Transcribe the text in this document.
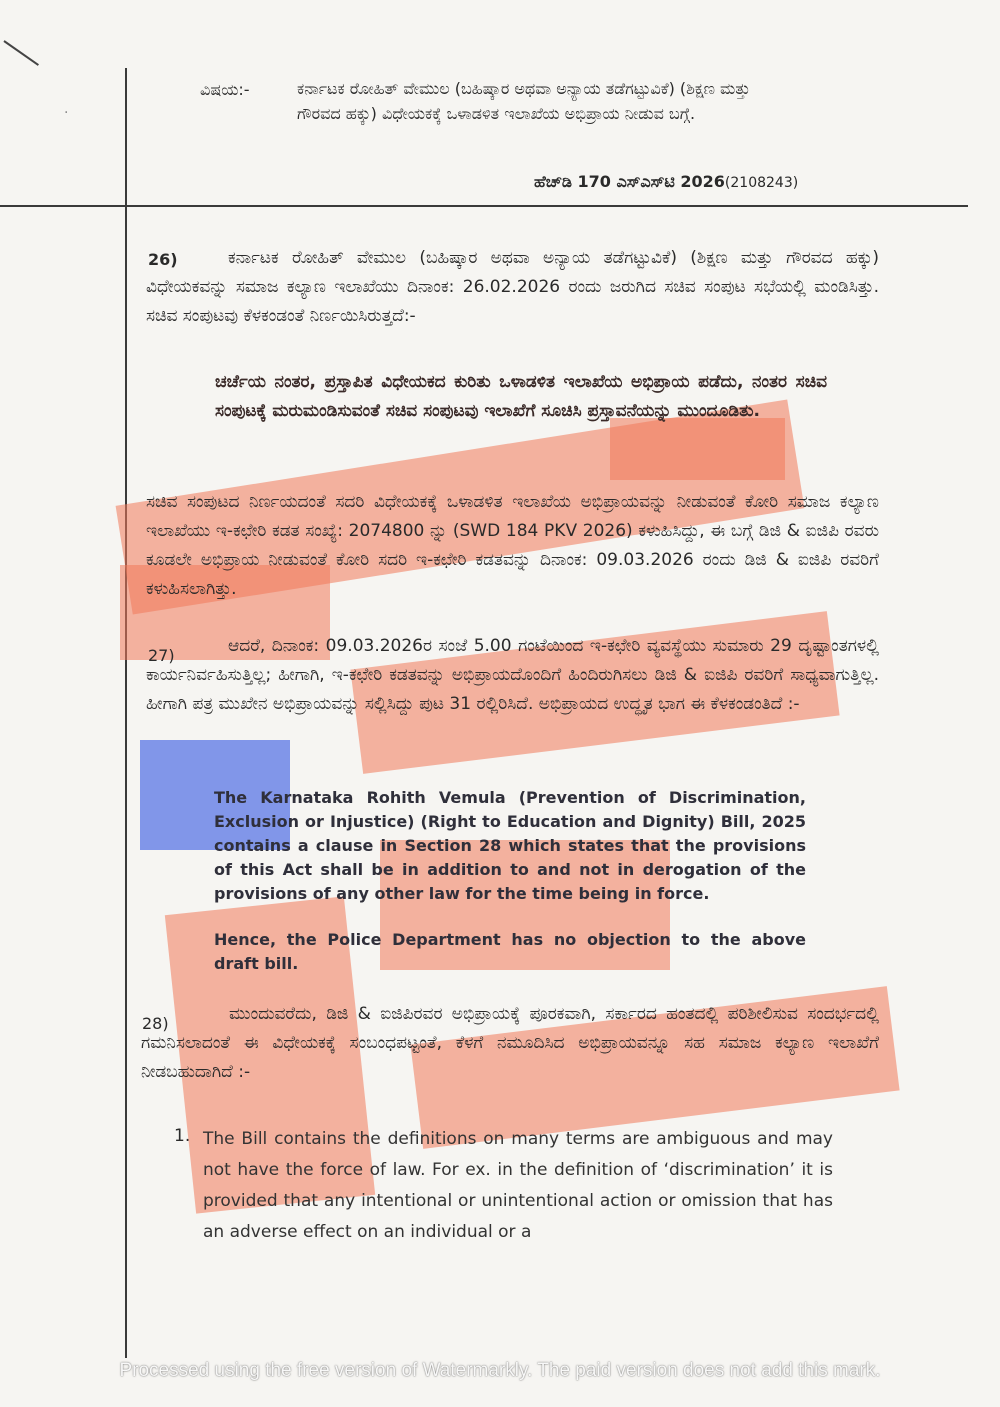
·
ವಿಷಯ:-	ಕರ್ನಾಟಕ ರೋಹಿತ್ ವೇಮುಲ (ಬಹಿಷ್ಕಾರ ಅಥವಾ ಅನ್ಯಾಯ ತಡೆಗಟ್ಟುವಿಕೆ) (ಶಿಕ್ಷಣ ಮತ್ತು ಗೌರವದ ಹಕ್ಕು) ವಿಧೇಯಕಕ್ಕೆ ಒಳಾಡಳಿತ ಇಲಾಖೆಯ ಅಭಿಪ್ರಾಯ ನೀಡುವ ಬಗ್ಗೆ.
ಹೆಚ್‌ಡಿ 170 ಎಸ್‌ಎಸ್‌ಟಿ 2026(2108243)
26)	ಕರ್ನಾಟಕ ರೋಹಿತ್ ವೇಮುಲ (ಬಹಿಷ್ಕಾರ ಅಥವಾ ಅನ್ಯಾಯ ತಡೆಗಟ್ಟುವಿಕೆ) (ಶಿಕ್ಷಣ ಮತ್ತು ಗೌರವದ ಹಕ್ಕು) ವಿಧೇಯಕವನ್ನು ಸಮಾಜ ಕಲ್ಯಾಣ ಇಲಾಖೆಯು ದಿನಾಂಕ: 26.02.2026 ರಂದು ಜರುಗಿದ ಸಚಿವ ಸಂಪುಟ ಸಭೆಯಲ್ಲಿ ಮಂಡಿಸಿತ್ತು. ಸಚಿವ ಸಂಪುಟವು ಕೆಳಕಂಡಂತೆ ನಿರ್ಣಯಿಸಿರುತ್ತದೆ:-
ಚರ್ಚೆಯ ನಂತರ, ಪ್ರಸ್ತಾಪಿತ ವಿಧೇಯಕದ ಕುರಿತು ಒಳಾಡಳಿತ ಇಲಾಖೆಯ ಅಭಿಪ್ರಾಯ ಪಡೆದು, ನಂತರ ಸಚಿವ ಸಂಪುಟಕ್ಕೆ ಮರುಮಂಡಿಸುವಂತೆ ಸಚಿವ ಸಂಪುಟವು ಇಲಾಖೆಗೆ ಸೂಚಿಸಿ ಪ್ರಸ್ತಾವನೆಯನ್ನು ಮುಂದೂಡಿತು.
ಸಚಿವ ಸಂಪುಟದ ನಿರ್ಣಯದಂತೆ ಸದರಿ ವಿಧೇಯಕಕ್ಕೆ ಒಳಾಡಳಿತ ಇಲಾಖೆಯ ಅಭಿಪ್ರಾಯವನ್ನು ನೀಡುವಂತೆ ಕೋರಿ ಸಮಾಜ ಕಲ್ಯಾಣ ಇಲಾಖೆಯು ಇ-ಕಛೇರಿ ಕಡತ ಸಂಖ್ಯೆ: 2074800 ನ್ನು (SWD 184 PKV 2026) ಕಳುಹಿಸಿದ್ದು, ಈ ಬಗ್ಗೆ ಡಿಜಿ & ಐಜಿಪಿ ರವರು ಕೂಡಲೇ ಅಭಿಪ್ರಾಯ ನೀಡುವಂತೆ ಕೋರಿ ಸದರಿ ಇ-ಕಛೇರಿ ಕಡತವನ್ನು ದಿನಾಂಕ: 09.03.2026 ರಂದು ಡಿಜಿ & ಐಜಿಪಿ ರವರಿಗೆ ಕಳುಹಿಸಲಾಗಿತ್ತು.
27)	ಆದರೆ, ದಿನಾಂಕ: 09.03.2026ರ ಸಂಜೆ 5.00 ಗಂಟೆಯಿಂದ ಇ-ಕಛೇರಿ ವ್ಯವಸ್ಥೆಯು ಸುಮಾರು 29 ದೃಷ್ಟಾಂತಗಳಲ್ಲಿ ಕಾರ್ಯನಿರ್ವಹಿಸುತ್ತಿಲ್ಲ; ಹೀಗಾಗಿ, ಇ-ಕಛೇರಿ ಕಡತವನ್ನು ಅಭಿಪ್ರಾಯದೊಂದಿಗೆ ಹಿಂದಿರುಗಿಸಲು ಡಿಜಿ & ಐಜಿಪಿ ರವರಿಗೆ ಸಾಧ್ಯವಾಗುತ್ತಿಲ್ಲ. ಹೀಗಾಗಿ ಪತ್ರ ಮುಖೇನ ಅಭಿಪ್ರಾಯವನ್ನು ಸಲ್ಲಿಸಿದ್ದು ಪುಟ 31 ರಲ್ಲಿರಿಸಿದೆ. ಅಭಿಪ್ರಾಯದ ಉದ್ಧೃತ ಭಾಗ ಈ ಕೆಳಕಂಡಂತಿದೆ :-
The Karnataka Rohith Vemula (Prevention of Discrimination, Exclusion or Injustice) (Right to Education and Dignity) Bill, 2025 contains a clause in Section 28 which states that the provisions of this Act shall be in addition to and not in derogation of the provisions of any other law for the time being in force.
Hence, the Police Department has no objection to the above draft bill.
28)	ಮುಂದುವರೆದು, ಡಿಜಿ & ಐಜಿಪಿರವರ ಅಭಿಪ್ರಾಯಕ್ಕೆ ಪೂರಕವಾಗಿ, ಸರ್ಕಾರದ ಹಂತದಲ್ಲಿ ಪರಿಶೀಲಿಸುವ ಸಂದರ್ಭದಲ್ಲಿ ಗಮನಿಸಲಾದಂತೆ ಈ ವಿಧೇಯಕಕ್ಕೆ ಸಂಬಂಧಪಟ್ಟಂತೆ, ಕೆಳಗೆ ನಮೂದಿಸಿದ ಅಭಿಪ್ರಾಯವನ್ನೂ ಸಹ ಸಮಾಜ ಕಲ್ಯಾಣ ಇಲಾಖೆಗೆ ನೀಡಬಹುದಾಗಿದೆ :-
1. The Bill contains the definitions on many terms are ambiguous and may not have the force of law. For ex. in the definition of ‘discrimination’ it is provided that any intentional or unintentional action or omission that has an adverse effect on an individual or a
Processed using the free version of Watermarkly. The paid version does not add this mark.
